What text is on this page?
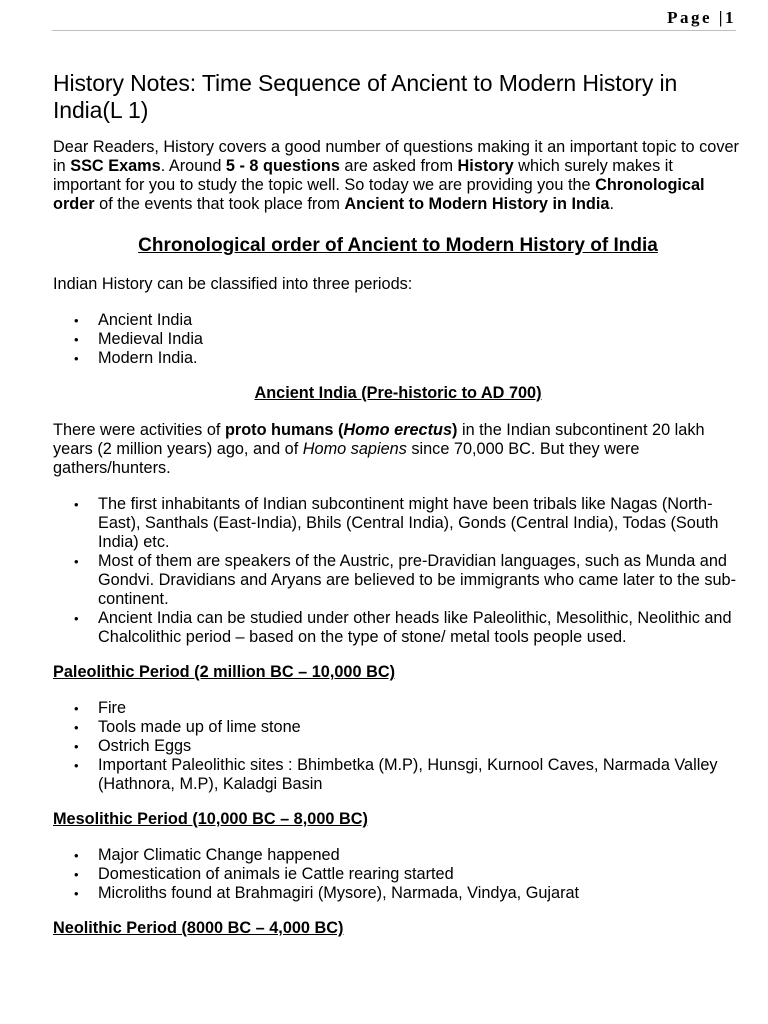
Page |1
History Notes: Time Sequence of Ancient to Modern History in India(L 1)

Dear Readers, History covers a good number of questions making it an important topic to cover in SSC Exams. Around 5 - 8 questions are asked from History which surely makes it important for you to study the topic well. So today we are providing you the Chronological order of the events that took place from Ancient to Modern History in India.

Chronological order of Ancient to Modern History of India

Indian History can be classified into three periods:

• Ancient India
• Medieval India
• Modern India.

Ancient India (Pre-historic to AD 700)

There were activities of proto humans (Homo erectus) in the Indian subcontinent 20 lakh years (2 million years) ago, and of Homo sapiens since 70,000 BC. But they were gathers/hunters.

• The first inhabitants of Indian subcontinent might have been tribals like Nagas (North-East), Santhals (East-India), Bhils (Central India), Gonds (Central India), Todas (South India) etc.
• Most of them are speakers of the Austric, pre-Dravidian languages, such as Munda and Gondvi. Dravidians and Aryans are believed to be immigrants who came later to the sub-continent.
• Ancient India can be studied under other heads like Paleolithic, Mesolithic, Neolithic and Chalcolithic period – based on the type of stone/ metal tools people used.

Paleolithic Period (2 million BC – 10,000 BC)

• Fire
• Tools made up of lime stone
• Ostrich Eggs
• Important Paleolithic sites : Bhimbetka (M.P), Hunsgi, Kurnool Caves, Narmada Valley (Hathnora, M.P), Kaladgi Basin

Mesolithic Period (10,000 BC – 8,000 BC)

• Major Climatic Change happened
• Domestication of animals ie Cattle rearing started
• Microliths found at Brahmagiri (Mysore), Narmada, Vindya, Gujarat

Neolithic Period (8000 BC – 4,000 BC)
